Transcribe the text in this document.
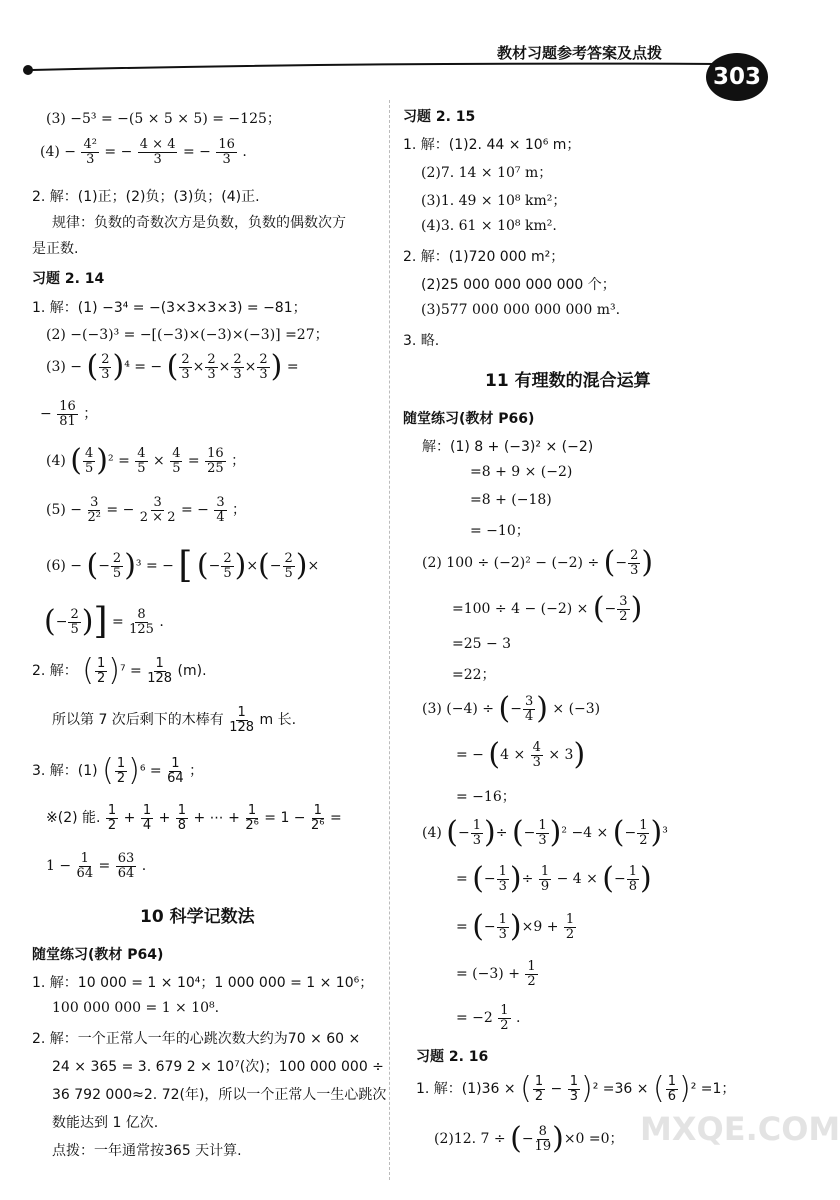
教材习题参考答案及点拨
303
(3) −5³ = −(5 × 5 × 5) = −125；
$(4) - \frac{\text{4²}}{3}$ = − $\frac{4 \times 4}{3}$ = − $\frac{16}{3}$ .
2. 解：(1)正；(2)负；(3)负；(4)正.
规律：负数的奇数次方是负数，负数的偶数次方
是正数.
习题 2. 14
1. 解：(1) −3⁴ = −(3×3×3×3) = −81；
(2) −(−3)³ = −[(−3)×(−3)×(−3)] =27；
(3) − ( $\frac{2}{3} )^4$ = − ( $\frac{2}{3} \times \frac{2}{3} \times \frac{2}{3} \times \frac{2}{3}$ ) =
− $\frac{16}{81}$ ；
(4) ( $\frac{4}{5} )^2 = \frac{4}{5} \times \frac{4}{5} = \frac{16}{25}$ ；
$(5) - \frac{3}{\text{2²}}$ = − $\frac{3}{2 \times 2}$ = − $\frac{3}{4}$ ；
(6) − (− $\frac{2}{5} )^3$ = − [ (− $\frac{2}{5}$ )×(− $\frac{2}{5}$ )×
(− $\frac{2}{5}$ )] = $\frac{8}{125}$ .
2. 解： ( $\frac{1}{2} )^7 = \frac{1}{128} (m)$.
所以第 7 次后剩下的木棒有 $\frac{1}{128}$ m 长.
3. 解：(1) ( $\frac{1}{2} )^6 = \frac{1}{64}$ ；
※(2) 能. $\frac{1}{2} + \frac{1}{4} + \frac{1}{8}$ + ⋯ + $\frac{1}{\text{2⁶}} = 1 - \frac{1}{\text{2⁶}}$ =
$1 - \frac{1}{64} = \frac{63}{64}$ .
10 科学记数法
随堂练习(教材 P64)
1. 解：10 000 = 1 × 10⁴；1 000 000 = 1 × 10⁶；
100 000 000 = 1 × 10⁸.
2. 解：一个正常人一年的心跳次数大约为70 × 60 ×
24 × 365 = 3. 679 2 × 10⁷(次)；100 000 000 ÷
36 792 000≈2. 72(年)，所以一个正常人一生心跳次
数能达到 1 亿次.
点拨：一年通常按365 天计算.
习题 2. 15
1. 解：(1)2. 44 × 10⁶ m；
(2)7. 14 × 10⁷ m；
(3)1. 49 × 10⁸ km²；
(4)3. 61 × 10⁸ km².
2. 解：(1)720 000 m²；
(2)25 000 000 000 000 个；
(3)577 000 000 000 000 m³.
3. 略.
11 有理数的混合运算
随堂练习(教材 P66)
解：(1) 8 + (−3)² × (−2)
=8 + 9 × (−2)
=8 + (−18)
= −10；
(2) 100 ÷ (−2)² − (−2) ÷ (− $\frac{2}{3}$ )
=100 ÷ 4 − (−2) × (− $\frac{3}{2}$ )
=25 − 3
=22；
(3) (−4) ÷ (− $\frac{3}{4}$ ) × (−3)
= − $(4 \times \frac{4}{3} \times 3)$
= −16；
(4) (− $\frac{1}{3}$ )÷ (− $\frac{1}{3} )^2 -4$ × (− $\frac{1}{2} )^3$
= (− $\frac{1}{3}$ )÷ $\frac{1}{9} - 4$ × (− $\frac{1}{8}$ )
= (− $\frac{1}{3} )\times 9 + \frac{1}{2}$
= $(-3) + \frac{1}{2}$
= $-2 \frac{1}{2}$ .
习题 2. 16
1. 解：(1)36 × ( $\frac{1}{2} - \frac{1}{3} )^2 =36$ × ( $\frac{1}{6} )^2 =1$；
(2)12. 7 ÷ (− $\frac{8}{19} )\times 0 =0$； MXQE.COM
